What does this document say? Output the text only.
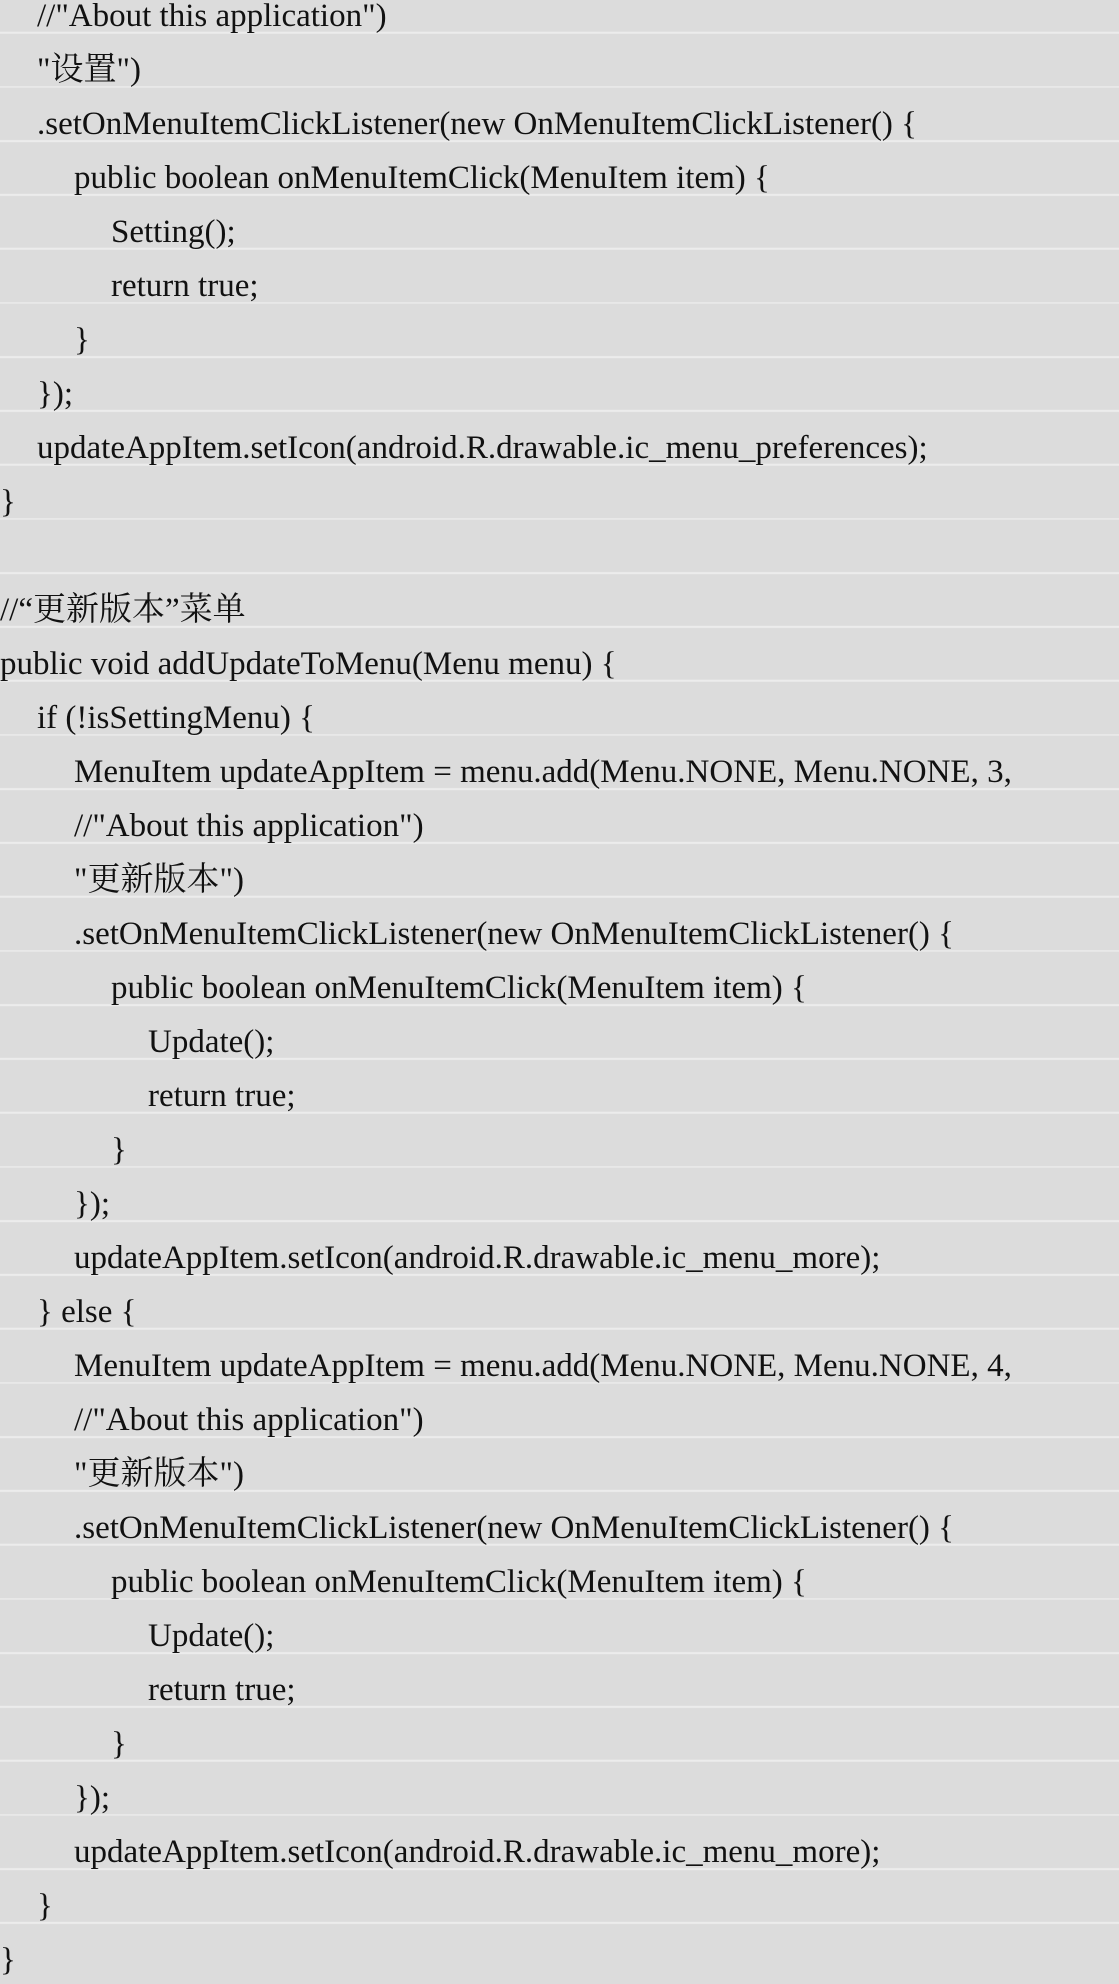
//"About this application")
"设置")
.setOnMenuItemClickListener(new OnMenuItemClickListener() {
public boolean onMenuItemClick(MenuItem item) {
Setting();
return true;
}
});
updateAppItem.setIcon(android.R.drawable.ic_menu_preferences);
}
//“更新版本”菜单
public void addUpdateToMenu(Menu menu) {
if (!isSettingMenu) {
MenuItem updateAppItem = menu.add(Menu.NONE, Menu.NONE, 3,
//"About this application")
"更新版本")
.setOnMenuItemClickListener(new OnMenuItemClickListener() {
public boolean onMenuItemClick(MenuItem item) {
Update();
return true;
}
});
updateAppItem.setIcon(android.R.drawable.ic_menu_more);
} else {
MenuItem updateAppItem = menu.add(Menu.NONE, Menu.NONE, 4,
//"About this application")
"更新版本")
.setOnMenuItemClickListener(new OnMenuItemClickListener() {
public boolean onMenuItemClick(MenuItem item) {
Update();
return true;
}
});
updateAppItem.setIcon(android.R.drawable.ic_menu_more);
}
}
